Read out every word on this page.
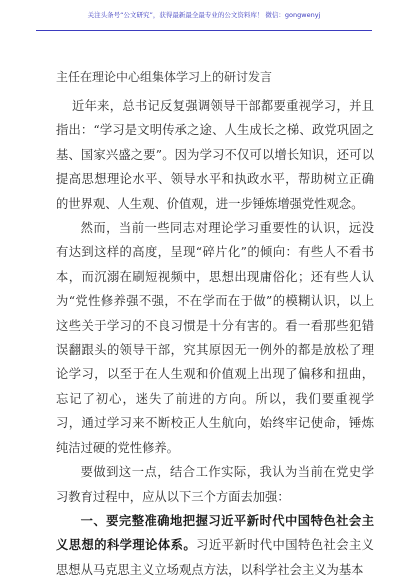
关注头条号“公文研究”，获得最新最全最专业的公文资料库！ 微信：gongwenyj
主任在理论中心组集体学习上的研讨发言

近年来，总书记反复强调领导干部都要重视学习，并且指出：“学习是文明传承之途、人生成长之梯、政党巩固之基、国家兴盛之要”。因为学习不仅可以增长知识，还可以提高思想理论水平、领导水平和执政水平，帮助树立正确的世界观、人生观、价值观，进一步锤炼增强党性观念。

然而，当前一些同志对理论学习重要性的认识，远没有达到这样的高度，呈现“碎片化”的倾向：有些人不看书本，而沉溺在刷短视频中，思想出现庸俗化；还有些人认为“党性修养强不强，不在学而在于做”的模糊认识，以上这些关于学习的不良习惯是十分有害的。看一看那些犯错误翻跟头的领导干部，究其原因无一例外的都是放松了理论学习，以至于在人生观和价值观上出现了偏移和扭曲，忘记了初心，迷失了前进的方向。所以，我们要重视学习，通过学习来不断校正人生航向，始终牢记使命，锤炼纯洁过硬的党性修养。

要做到这一点，结合工作实际，我认为当前在党史学习教育过程中，应从以下三个方面去加强：

一、要完整准确地把握习近平新时代中国特色社会主义思想的科学理论体系。习近平新时代中国特色社会主义思想从马克思主义立场观点方法，以科学社会主义为基本
